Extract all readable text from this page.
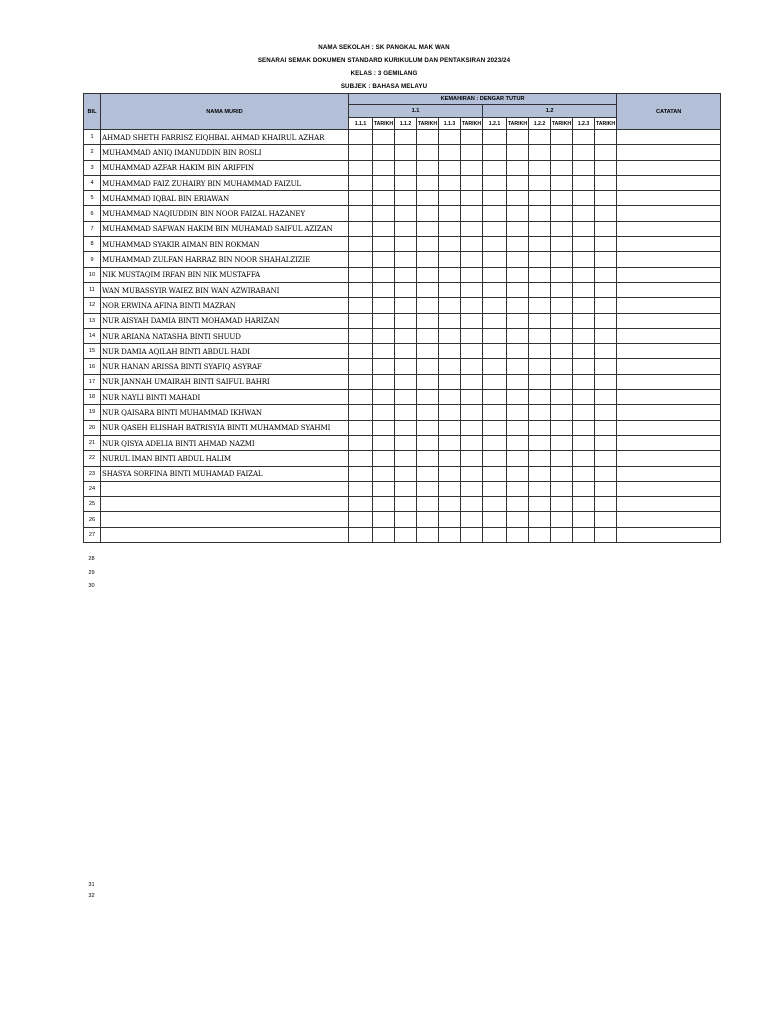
NAMA SEKOLAH : SK PANGKAL MAK WAN
SENARAI SEMAK DOKUMEN STANDARD KURIKULUM DAN PENTAKSIRAN 2023/24
KELAS : 3 GEMILANG
SUBJEK : BAHASA MELAYU
BIL	NAMA MURID	KEMAHIRAN : DENGAR TUTUR												CATATAN
		1.1						1.2						
		1.1.1	TARIKH	1.1.2	TARIKH	1.1.3	TARIKH	1.2.1	TARIKH	1.2.2	TARIKH	1.2.3	TARIKH	
1	AHMAD SHETH FARRISZ EIQHBAL AHMAD KHAIRUL AZHAR													
2	MUHAMMAD ANIQ IMANUDDIN BIN ROSLI													
3	MUHAMMAD AZFAR HAKIM BIN ARIFFIN													
4	MUHAMMAD FAIZ ZUHAIRY BIN MUHAMMAD FAIZUL													
5	MUHAMMAD IQBAL BIN ERIAWAN													
6	MUHAMMAD NAQIUDDIN BIN NOOR FAIZAL HAZANEY													
7	MUHAMMAD SAFWAN HAKIM BIN MUHAMAD SAIFUL AZIZAN													
8	MUHAMMAD SYAKIR AIMAN BIN ROKMAN													
9	MUHAMMAD ZULFAN HARRAZ BIN NOOR SHAHALZIZIE													
10	NIK MUSTAQIM IRFAN BIN NIK MUSTAFFA													
11	WAN MUBASSYIR WAIEZ BIN WAN AZWIRABANI													
12	NOR ERWINA AFINA BINTI MAZRAN													
13	NUR AISYAH DAMIA BINTI MOHAMAD HARIZAN													
14	NUR ARIANA NATASHA BINTI SHUUD													
15	NUR DAMIA AQILAH BINTI ABDUL HADI													
16	NUR HANAN ARISSA BINTI SYAFIQ ASYRAF													
17	NUR JANNAH UMAIRAH BINTI SAIFUL BAHRI													
18	NUR NAYLI BINTI MAHADI													
19	NUR QAISARA BINTI MUHAMMAD IKHWAN													
20	NUR QASEH ELISHAH BATRISYIA BINTI MUHAMMAD SYAHMI													
21	NUR QISYA ADELIA BINTI AHMAD NAZMI													
22	NURUL IMAN BINTI ABDUL HALIM													
23	SHASYA SORFINA BINTI MUHAMAD FAIZAL													
24														
25														
26														
27														
28
29
30
31
32
